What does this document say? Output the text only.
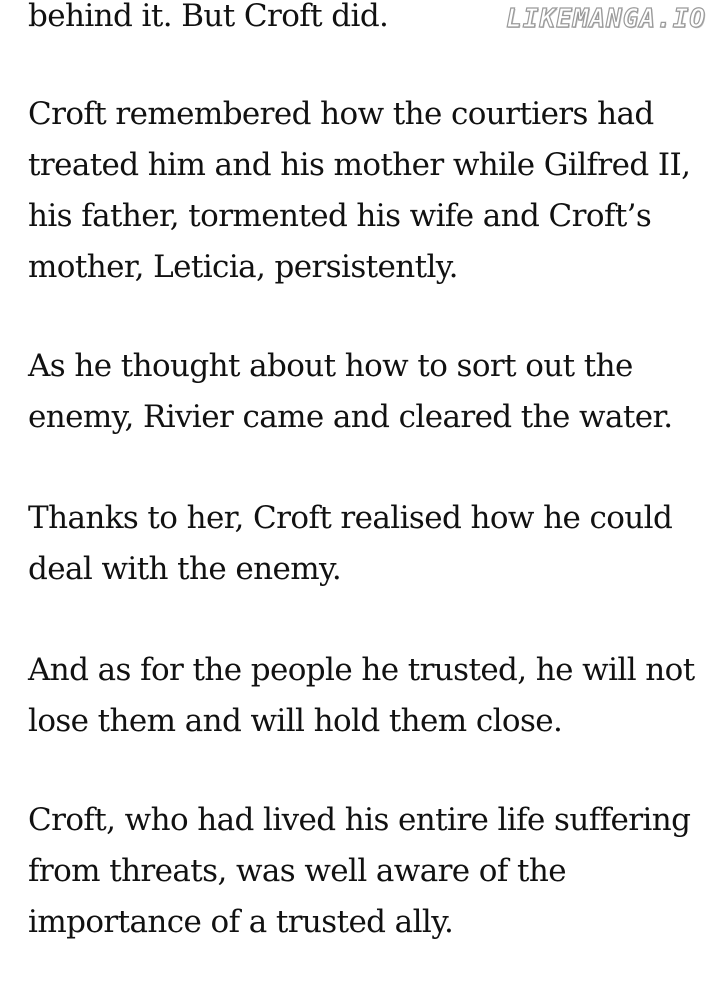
LIKEMANGA.IO
behind it. But Croft did.
Croft remembered how the courtiers had
treated him and his mother while Gilfred II,
his father, tormented his wife and Croft’s
mother, Leticia, persistently.
As he thought about how to sort out the
enemy, Rivier came and cleared the water.
Thanks to her, Croft realised how he could
deal with the enemy.
And as for the people he trusted, he will not
lose them and will hold them close.
Croft, who had lived his entire life suffering
from threats, was well aware of the
importance of a trusted ally.
